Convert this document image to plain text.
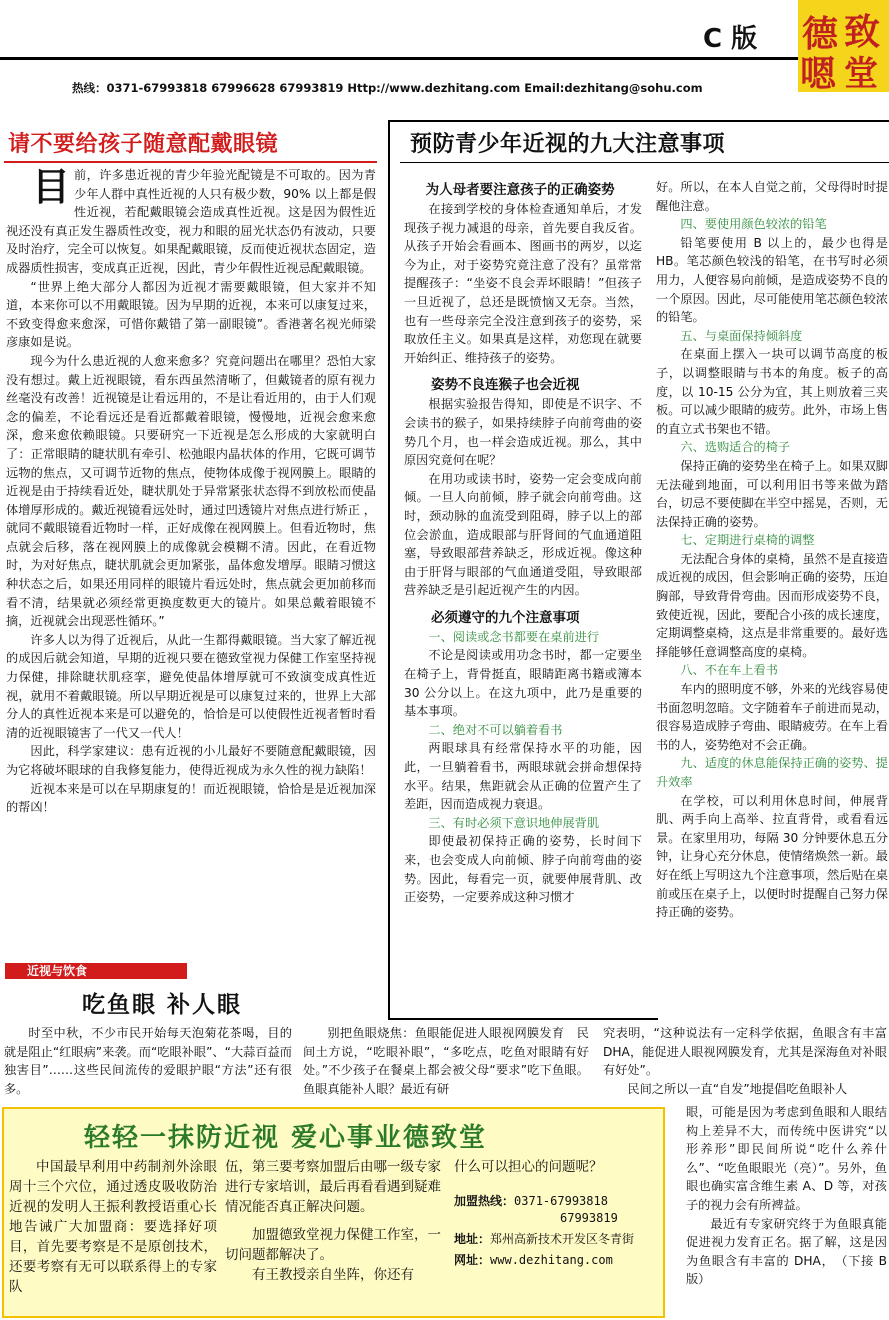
C 版 德 致
嗯 堂
热线：0371-67993818 67996628 67993819 Http://www.dezhitang.com Email:dezhitang@sohu.com
请不要给孩子随意配戴眼镜
目 前，许多患近视的青少年验光配镜是不可取的。因为青少年人群中真性近视的人只有极少数，90% 以上都是假性近视，若配戴眼镜会造成真性近视。这是因为假性近视还没有真正发生器质性改变，视力和眼的屈光状态仍有波动，只要及时治疗，完全可以恢复。如果配戴眼镜，反而使近视状态固定，造成器质性损害，变成真正近视，因此，青少年假性近视忌配戴眼镜。

“世界上绝大部分人都因为近视才需要戴眼镜，但大家并不知道，本来你可以不用戴眼镜。因为早期的近视，本来可以康复过来，不致变得愈来愈深，可惜你戴错了第一副眼镜”。香港著名视光师梁彦康如是说。

现今为什么患近视的人愈来愈多？究竟问题出在哪里？恐怕大家没有想过。戴上近视眼镜，看东西虽然清晰了，但戴镜者的原有视力丝毫没有改善！近视镜是让看远用的，不是让看近用的，由于人们观念的偏差，不论看远还是看近都戴着眼镜，慢慢地，近视会愈来愈深，愈来愈依赖眼镜。只要研究一下近视是怎么形成的大家就明白了：正常眼睛的睫状肌有牵引、松弛眼内晶状体的作用，它既可调节远物的焦点，又可调节近物的焦点，使物体成像于视网膜上。眼睛的近视是由于持续看近处，睫状肌处于异常紧张状态得不到放松而使晶体增厚形成的。戴近视镜看远处时，通过凹透镜片对焦点进行矫正 ，就同不戴眼镜看近物时一样，正好成像在视网膜上。但看近物时，焦点就会后移，落在视网膜上的成像就会模糊不清。因此，在看近物时，为对好焦点，睫状肌就会更加紧张，晶体愈发增厚。眼睛习惯这种状态之后，如果还用同样的眼镜片看远处时，焦点就会更加前移而看不清，结果就必须经常更换度数更大的镜片。如果总戴着眼镜不摘，近视就会出现恶性循环。”

许多人以为得了近视后，从此一生都得戴眼镜。当大家了解近视的成因后就会知道，早期的近视只要在德致堂视力保健工作室坚持视力保健，排除睫状肌痉挛，避免使晶体增厚就可不致演变成真性近视，就用不着戴眼镜。所以早期近视是可以康复过来的，世界上大部分人的真性近视本来是可以避免的，恰恰是可以使假性近视者暂时看清的近视眼镜害了一代又一代人！

因此，科学家建议：患有近视的小儿最好不要随意配戴眼镜，因为它将破坏眼球的自我修复能力，使得近视成为永久性的视力缺陷！

近视本来是可以在早期康复的！而近视眼镜，恰恰是是近视加深的帮凶！

预防青少年近视的九大注意事项
为人母者要注意孩子的正确姿势

在接到学校的身体检查通知单后，才发现孩子视力减退的母亲，首先要自我反省。从孩子开始会看画本、图画书的两岁，以迄今为止，对于姿势究竟注意了没有？虽常常提醒孩子：“坐姿不良会弄坏眼睛！”但孩子一旦近视了，总还是既愤恼又无奈。当然，也有一些母亲完全没注意到孩子的姿势，采取放任主义。如果真是这样，劝您现在就要开始纠正、维持孩子的姿势。

姿势不良连猴子也会近视

根据实验报告得知，即使是不识字、不会读书的猴子，如果持续脖子向前弯曲的姿势几个月，也一样会造成近视。那么，其中原因究竟何在呢？

在用功或读书时，姿势一定会变成向前倾。一旦人向前倾，脖子就会向前弯曲。这时，颈动脉的血流受到阻碍，脖子以上的部位会淤血，造成眼部与肝肾间的气血通道阻塞，导致眼部营养缺乏，形成近视。像这种由于肝肾与眼部的气血通道受阻，导致眼部营养缺乏是引起近视产生的内因。

必须遵守的九个注意事项

一、阅读或念书都要在桌前进行

不论是阅读或用功念书时，都一定要坐在椅子上，背骨挺直，眼睛距离书籍或簿本 30 公分以上。在这九项中，此乃是重要的基本事项。

二、绝对不可以躺着看书

两眼球具有经常保持水平的功能，因此，一旦躺着看书，两眼球就会拼命想保持水平。结果，焦距就会从正确的位置产生了差距，因而造成视力衰退。

三、有时必须下意识地伸展背肌

即使最初保持正确的姿势，长时间下来，也会变成人向前倾、脖子向前弯曲的姿势。因此，每看完一页，就要伸展背肌、改正姿势，一定要养成这种习惯才

好。所以，在本人自觉之前，父母得时时提醒他注意。

四、要使用颜色较浓的铅笔

铅笔要使用 B 以上的，最少也得是 HB。笔芯颜色较浅的铅笔，在书写时必须用力，人便容易向前倾，是造成姿势不良的一个原因。因此，尽可能使用笔芯颜色较浓的铅笔。

五、与桌面保持倾斜度

在桌面上摆入一块可以调节高度的板子，以调整眼睛与书本的角度。板子的高度，以 10-15 公分为宜，其上则放着三夹板。可以减少眼睛的疲劳。此外，市场上售的直立式书架也不错。

六、选购适合的椅子

保持正确的姿势坐在椅子上。如果双脚无法碰到地面，可以利用旧书等来做为踏台，切忌不要使脚在半空中摇晃，否则，无法保持正确的姿势。

七、定期进行桌椅的调整

无法配合身体的桌椅，虽然不是直接造成近视的成因，但会影响正确的姿势，压迫胸部，导致背骨弯曲。因而形成姿势不良，致使近视，因此，要配合小孩的成长速度，定期调整桌椅，这点是非常重要的。最好选择能够任意调整高度的桌椅。

八、不在车上看书

车内的照明度不够，外来的光线容易使书面忽明忽暗。文字随着车子前进而晃动，很容易造成脖子弯曲、眼睛疲劳。在车上看书的人，姿势绝对不会正确。

九、适度的休息能保持正确的姿势、提升效率

在学校，可以利用休息时间，伸展背肌、两手向上高举、拉直背骨，或看看远景。在家里用功，每隔 30 分钟要休息五分钟，让身心充分休息，使情绪焕然一新。最好在纸上写明这九个注意事项，然后贴在桌前或压在桌子上，以便时时提醒自己努力保持正确的姿势。

近视与饮食
吃鱼眼 补人眼

时至中秋，不少市民开始每天泡菊花茶喝，目的就是阻止“红眼病”来袭。而“吃眼补眼”、“大蒜百益而独害目”……这些民间流传的爱眼护眼“方法”还有很多。

别把鱼眼烧焦：鱼眼能促进人眼视网膜发育　民间土方说，“吃眼补眼”，“多吃点，吃鱼对眼睛有好处。”不少孩子在餐桌上都会被父母“要求”吃下鱼眼。鱼眼真能补人眼？最近有研

究表明，“这种说法有一定科学依据，鱼眼含有丰富 DHA，能促进人眼视网膜发育，尤其是深海鱼对补眼有好处”。

民间之所以一直“自发”地提倡吃鱼眼补人

眼，可能是因为考虑到鱼眼和人眼结构上差异不大，而传统中医讲究“以形养形”即民间所说“吃什么养什么”、“吃鱼眼眼光（亮）”。另外，鱼眼也确实富含维生素 A、D 等，对孩子的视力会有所裨益。

最近有专家研究终于为鱼眼真能促进视力发育正名。据了解，这是因为鱼眼含有丰富的 DHA，　（下接 B 版）

轻轻一抹防近视 爱心事业德致堂

中国最早利用中药制剂外涂眼周十三个穴位，通过透皮吸收防治近视的发明人王振利教授语重心长地告诫广大加盟商：要选择好项目，首先要考察是不是原创技术，还要考察有无可以联系得上的专家队

伍，第三要考察加盟后由哪一级专家进行专家培训，最后再看看遇到疑难情况能否真正解决问题。

加盟德致堂视力保健工作室，一切问题都解决了。

有王教授亲自坐阵，你还有

什么可以担心的问题呢？

加盟热线：0371-67993818
67993819
地址：郑州高新技术开发区冬青街
网址：www.dezhitang.com
